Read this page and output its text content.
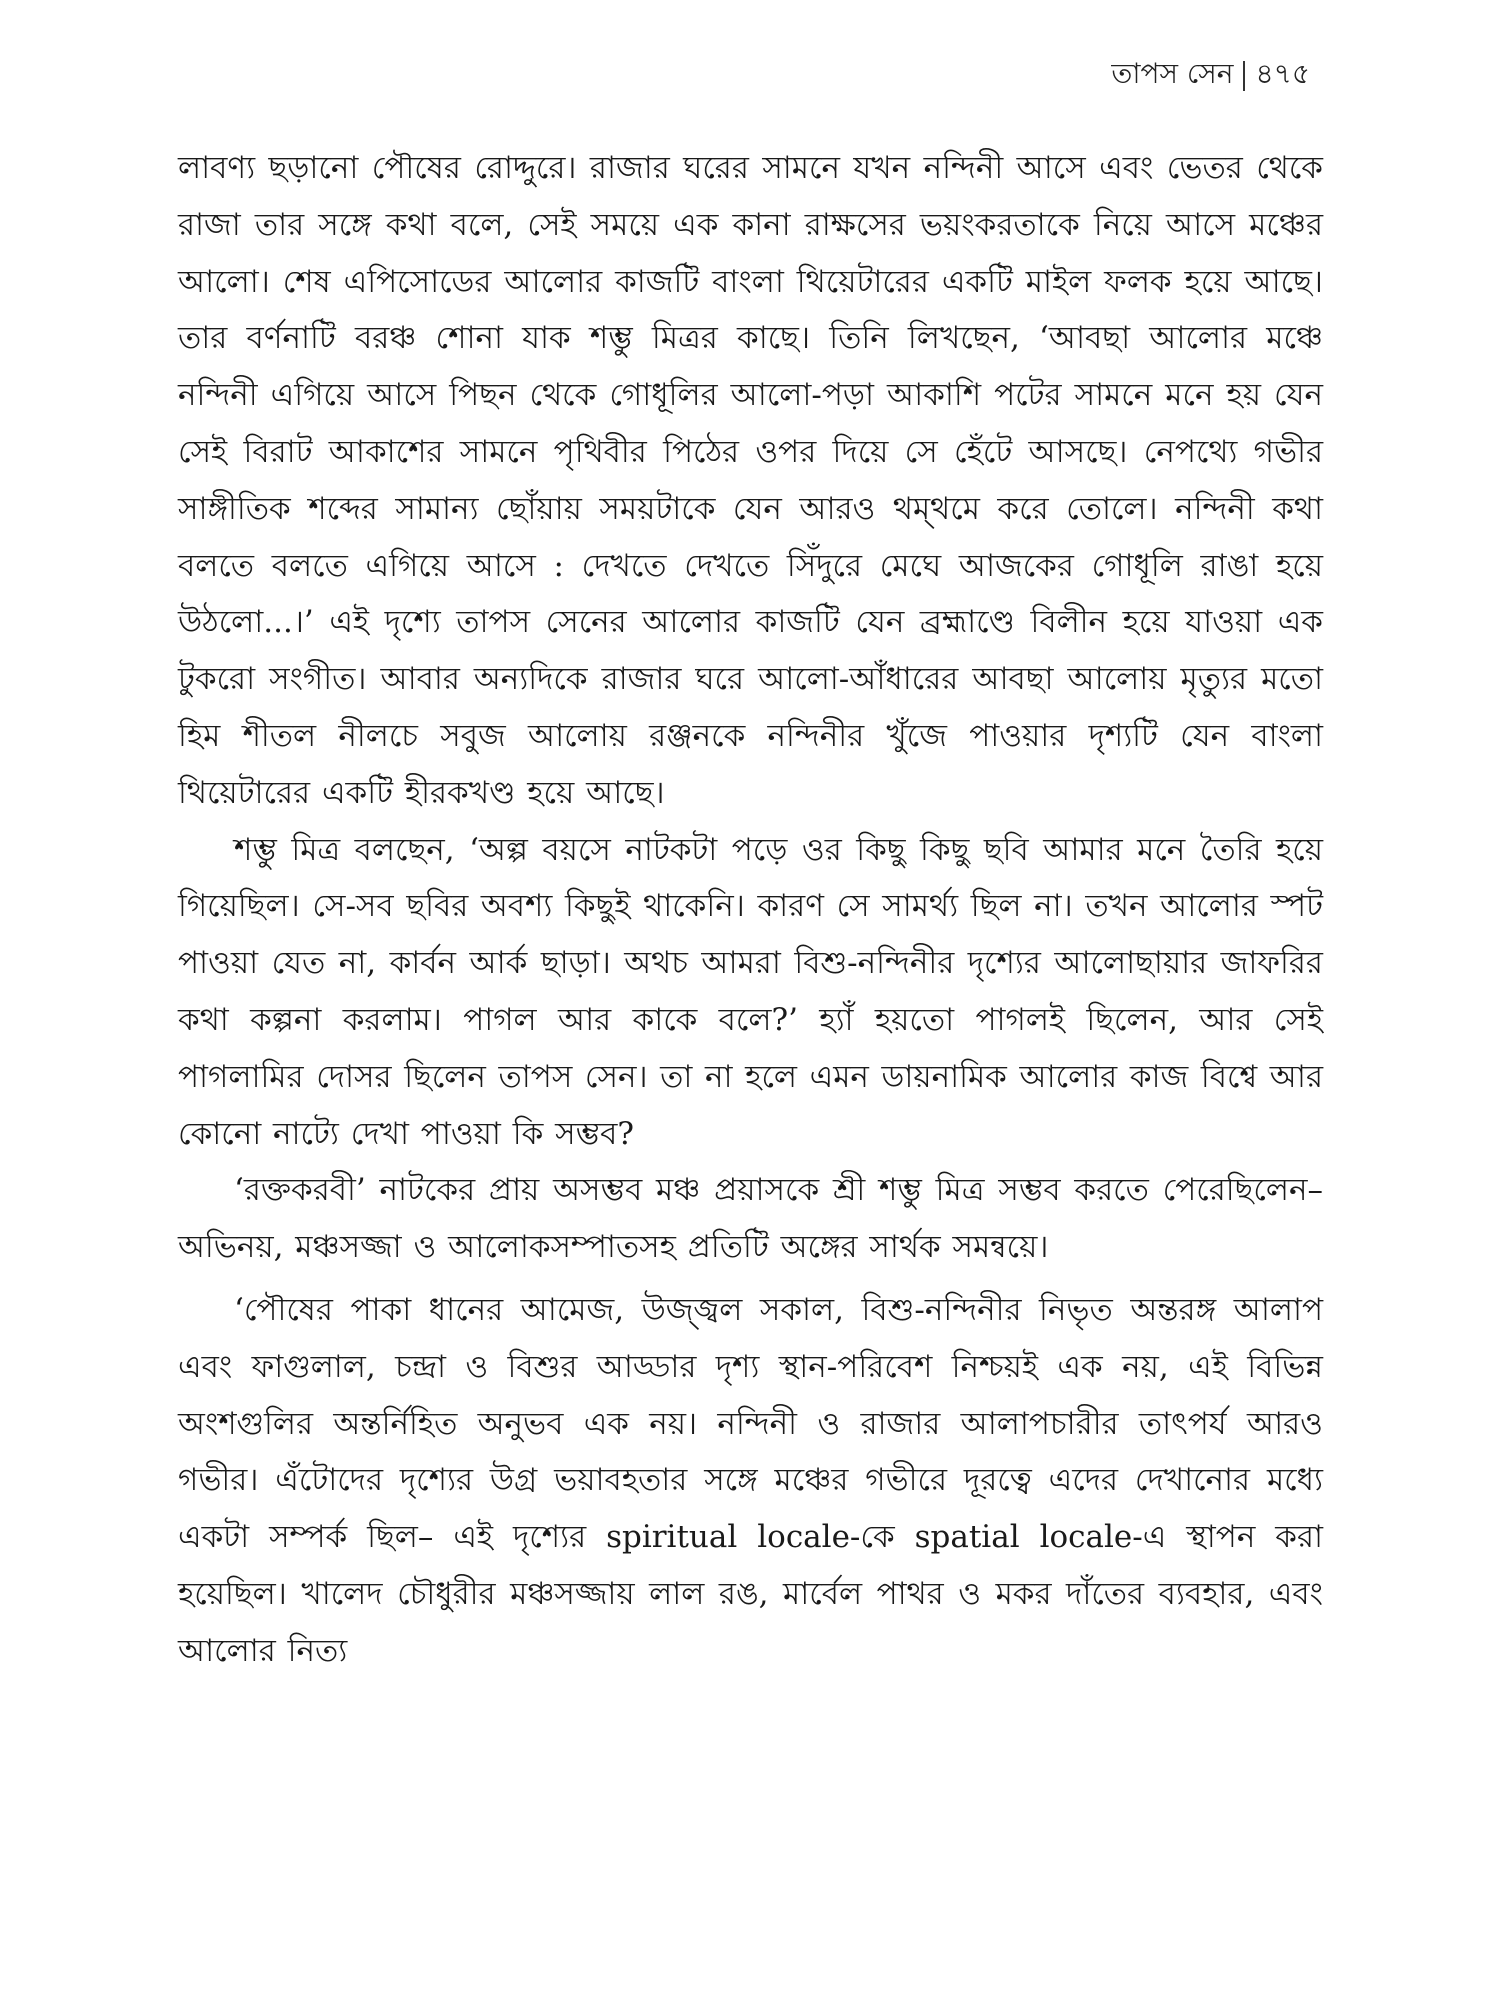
তাপস সেন ৪৭৫

লাবণ্য ছড়ানো পৌষের রোদ্দুরে। রাজার ঘরের সামনে যখন নন্দিনী আসে এবং ভেতর থেকে রাজা তার সঙ্গে কথা বলে, সেই সময়ে এক কানা রাক্ষসের ভয়ংকরতাকে নিয়ে আসে মঞ্চের আলো। শেষ এপিসোডের আলোর কাজটি বাংলা থিয়েটারের একটি মাইল ফলক হয়ে আছে। তার বর্ণনাটি বরঞ্চ শোনা যাক শম্ভু মিত্রর কাছে। তিনি লিখছেন, ‘আবছা আলোর মঞ্চে নন্দিনী এগিয়ে আসে পিছন থেকে গোধূলির আলো-পড়া আকাশি পটের সামনে মনে হয় যেন সেই বিরাট আকাশের সামনে পৃথিবীর পিঠের ওপর দিয়ে সে হেঁটে আসছে। নেপথ্যে গভীর সাঙ্গীতিক শব্দের সামান্য ছোঁয়ায় সময়টাকে যেন আরও থম্‌থমে করে তোলে। নন্দিনী কথা বলতে বলতে এগিয়ে আসে : দেখতে দেখতে সিঁদুরে মেঘে আজকের গোধূলি রাঙা হয়ে উঠলো...।’ এই দৃশ্যে তাপস সেনের আলোর কাজটি যেন ব্রহ্মাণ্ডে বিলীন হয়ে যাওয়া এক টুকরো সংগীত। আবার অন্যদিকে রাজার ঘরে আলো-আঁধারের আবছা আলোয় মৃত্যুর মতো হিম শীতল নীলচে সবুজ আলোয় রঞ্জনকে নন্দিনীর খুঁজে পাওয়ার দৃশ্যটি যেন বাংলা থিয়েটারের একটি হীরকখণ্ড হয়ে আছে।

শম্ভু মিত্র বলছেন, ‘অল্প বয়সে নাটকটা পড়ে ওর কিছু কিছু ছবি আমার মনে তৈরি হয়ে গিয়েছিল। সে-সব ছবির অবশ্য কিছুই থাকেনি। কারণ সে সামর্থ্য ছিল না। তখন আলোর স্পট পাওয়া যেত না, কার্বন আর্ক ছাড়া। অথচ আমরা বিশু-নন্দিনীর দৃশ্যের আলোছায়ার জাফরির কথা কল্পনা করলাম। পাগল আর কাকে বলে?’ হ্যাঁ হয়তো পাগলই ছিলেন, আর সেই পাগলামির দোসর ছিলেন তাপস সেন। তা না হলে এমন ডায়নামিক আলোর কাজ বিশ্বে আর কোনো নাট্যে দেখা পাওয়া কি সম্ভব?

‘রক্তকরবী’ নাটকের প্রায় অসম্ভব মঞ্চ প্রয়াসকে শ্রী শম্ভু মিত্র সম্ভব করতে পেরেছিলেন– অভিনয়, মঞ্চসজ্জা ও আলোকসম্পাতসহ প্রতিটি অঙ্গের সার্থক সমন্বয়ে।

‘পৌষের পাকা ধানের আমেজ, উজ্জ্বল সকাল, বিশু-নন্দিনীর নিভৃত অন্তরঙ্গ আলাপ এবং ফাগুলাল, চন্দ্রা ও বিশুর আড্ডার দৃশ্য স্থান-পরিবেশ নিশ্চয়ই এক নয়, এই বিভিন্ন অংশগুলির অন্তর্নিহিত অনুভব এক নয়। নন্দিনী ও রাজার আলাপচারীর তাৎপর্য আরও গভীর। এঁটোদের দৃশ্যের উগ্র ভয়াবহতার সঙ্গে মঞ্চের গভীরে দূরত্বে এদের দেখানোর মধ্যে একটা সম্পর্ক ছিল– এই দৃশ্যের spiritual locale-কে spatial locale-এ স্থাপন করা হয়েছিল। খালেদ চৌধুরীর মঞ্চসজ্জায় লাল রঙ, মার্বেল পাথর ও মকর দাঁতের ব্যবহার, এবং আলোর নিত্য
